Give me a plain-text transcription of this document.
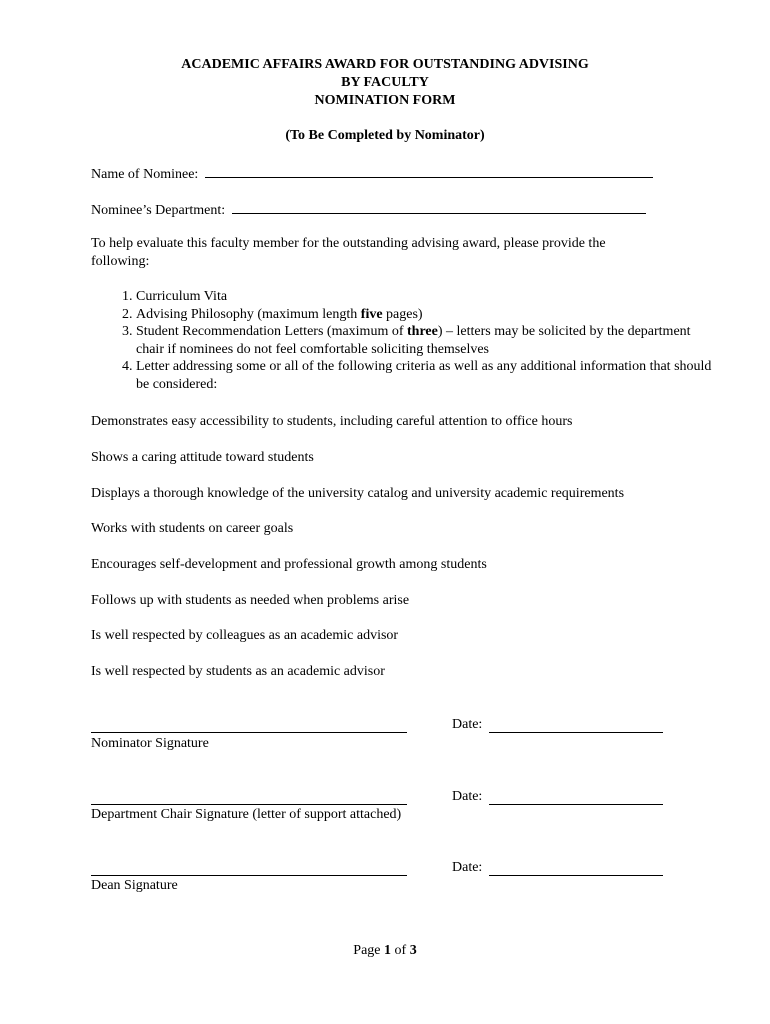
ACADEMIC AFFAIRS AWARD FOR OUTSTANDING ADVISING
BY FACULTY
NOMINATION FORM
(To Be Completed by Nominator)
Name of Nominee:
Nominee’s Department:
To help evaluate this faculty member for the outstanding advising award, please provide the following:
1. Curriculum Vita
2. Advising Philosophy (maximum length five pages)
3. Student Recommendation Letters (maximum of three) – letters may be solicited by the department chair if nominees do not feel comfortable soliciting themselves
4. Letter addressing some or all of the following criteria as well as any additional information that should be considered:
Demonstrates easy accessibility to students, including careful attention to office hours
Shows a caring attitude toward students
Displays a thorough knowledge of the university catalog and university academic requirements
Works with students on career goals
Encourages self-development and professional growth among students
Follows up with students as needed when problems arise
Is well respected by colleagues as an academic advisor
Is well respected by students as an academic advisor
Nominator Signature
Date:
Department Chair Signature (letter of support attached)
Date:
Dean Signature
Date:
Page 1 of 3
